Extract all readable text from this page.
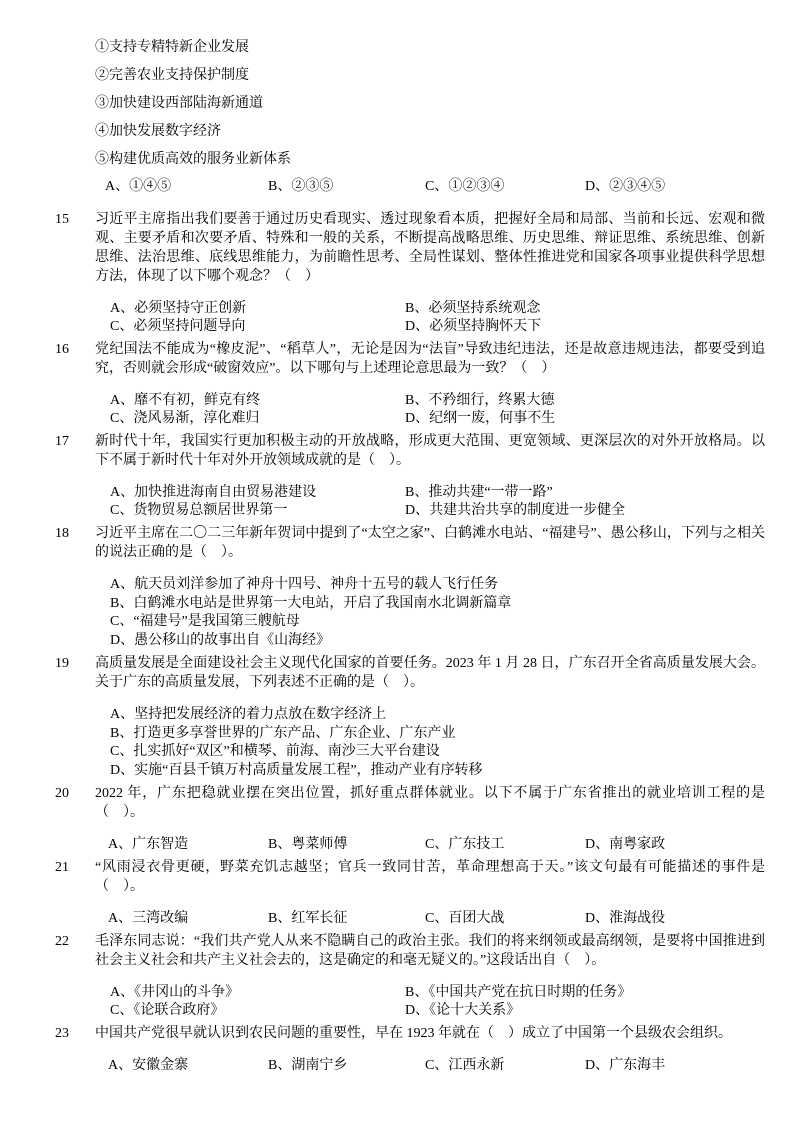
①支持专精特新企业发展
②完善农业支持保护制度
③加快建设西部陆海新通道
④加快发展数字经济
⑤构建优质高效的服务业新体系
A、①④⑤	B、②③⑤	C、①②③④	D、②③④⑤
15	习近平主席指出我们要善于通过历史看现实、透过现象看本质，把握好全局和局部、当前和长远、宏观和微观、主要矛盾和次要矛盾、特殊和一般的关系，不断提高战略思维、历史思维、辩证思维、系统思维、创新思维、法治思维、底线思维能力，为前瞻性思考、全局性谋划、整体性推进党和国家各项事业提供科学思想方法，体现了以下哪个观念？（　）
A、必须坚持守正创新	B、必须坚持系统观念
C、必须坚持问题导向	D、必须坚持胸怀天下
16	党纪国法不能成为“橡皮泥”、“稻草人”，无论是因为“法盲”导致违纪违法，还是故意违规违法，都要受到追究，否则就会形成“破窗效应”。以下哪句与上述理论意思最为一致？（　）
A、靡不有初，鲜克有终	B、不矜细行，终累大德
C、浇风易渐，淳化难归	D、纪纲一废，何事不生
17	新时代十年，我国实行更加积极主动的开放战略，形成更大范围、更宽领域、更深层次的对外开放格局。以下不属于新时代十年对外开放领域成就的是（　）。
A、加快推进海南自由贸易港建设	B、推动共建“一带一路”
C、货物贸易总额居世界第一	D、共建共治共享的制度进一步健全
18	习近平主席在二〇二三年新年贺词中提到了“太空之家”、白鹤滩水电站、“福建号”、愚公移山，下列与之相关的说法正确的是（　）。
A、航天员刘洋参加了神舟十四号、神舟十五号的载人飞行任务
B、白鹤滩水电站是世界第一大电站，开启了我国南水北调新篇章
C、“福建号”是我国第三艘航母
D、愚公移山的故事出自《山海经》
19	高质量发展是全面建设社会主义现代化国家的首要任务。2023 年 1 月 28 日，广东召开全省高质量发展大会。关于广东的高质量发展，下列表述不正确的是（　）。
A、坚持把发展经济的着力点放在数字经济上
B、打造更多享誉世界的广东产品、广东企业、广东产业
C、扎实抓好“双区”和横琴、前海、南沙三大平台建设
D、实施“百县千镇万村高质量发展工程”，推动产业有序转移
20	2022 年，广东把稳就业摆在突出位置，抓好重点群体就业。以下不属于广东省推出的就业培训工程的是（　）。
A、广东智造	B、粤菜师傅	C、广东技工	D、南粤家政
21	“风雨浸衣骨更硬，野菜充饥志越坚；官兵一致同甘苦，革命理想高于天。”该文句最有可能描述的事件是（　）。
A、三湾改编	B、红军长征	C、百团大战	D、淮海战役
22	毛泽东同志说：“我们共产党人从来不隐瞒自己的政治主张。我们的将来纲领或最高纲领，是要将中国推进到社会主义社会和共产主义社会去的，这是确定的和毫无疑义的。”这段话出自（　）。
A、《井冈山的斗争》	B、《中国共产党在抗日时期的任务》
C、《论联合政府》	D、《论十大关系》
23	中国共产党很早就认识到农民问题的重要性，早在 1923 年就在（　）成立了中国第一个县级农会组织。
A、安徽金寨	B、湖南宁乡	C、江西永新	D、广东海丰
